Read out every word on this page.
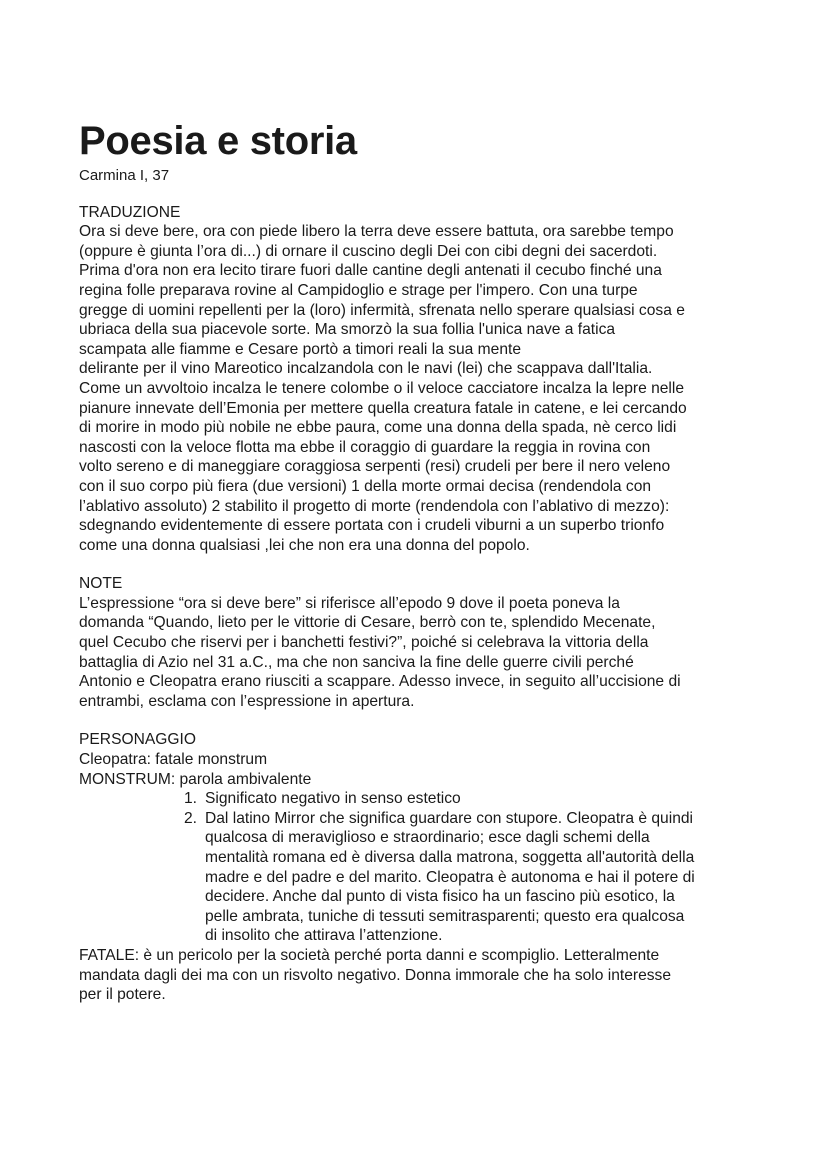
Poesia e storia
Carmina I, 37
TRADUZIONE
Ora si deve bere, ora con piede libero la terra deve essere battuta, ora sarebbe tempo
(oppure è giunta l’ora di...) di ornare il cuscino degli Dei con cibi degni dei sacerdoti.
Prima d'ora non era lecito tirare fuori dalle cantine degli antenati il cecubo finché una
regina folle preparava rovine al Campidoglio e strage per l'impero. Con una turpe
gregge di uomini repellenti per la (loro) infermità, sfrenata nello sperare qualsiasi cosa e
ubriaca della sua piacevole sorte. Ma smorzò la sua follia l'unica nave a fatica
scampata alle fiamme e Cesare portò a timori reali la sua mente
delirante per il vino Mareotico incalzandola con le navi (lei) che scappava dall'Italia.
Come un avvoltoio incalza le tenere colombe o il veloce cacciatore incalza la lepre nelle
pianure innevate dell’Emonia per mettere quella creatura fatale in catene, e lei cercando
di morire in modo più nobile ne ebbe paura, come una donna della spada, nè cerco lidi
nascosti con la veloce flotta ma ebbe il coraggio di guardare la reggia in rovina con
volto sereno e di maneggiare coraggiosa serpenti (resi) crudeli per bere il nero veleno
con il suo corpo più fiera (due versioni) 1 della morte ormai decisa (rendendola con
l’ablativo assoluto) 2 stabilito il progetto di morte (rendendola con l’ablativo di mezzo):
sdegnando evidentemente di essere portata con i crudeli viburni a un superbo trionfo
come una donna qualsiasi ,lei che non era una donna del popolo.
NOTE
L’espressione “ora si deve bere” si riferisce all’epodo 9 dove il poeta poneva la
domanda “Quando, lieto per le vittorie di Cesare, berrò con te, splendido Mecenate,
quel Cecubo che riservi per i banchetti festivi?”, poiché si celebrava la vittoria della
battaglia di Azio nel 31 a.C., ma che non sanciva la fine delle guerre civili perché
Antonio e Cleopatra erano riusciti a scappare. Adesso invece, in seguito all’uccisione di
entrambi, esclama con l’espressione in apertura.
PERSONAGGIO
Cleopatra: fatale monstrum
MONSTRUM: parola ambivalente
1. Significato negativo in senso estetico
2. Dal latino Mirror che significa guardare con stupore. Cleopatra è quindi
qualcosa di meraviglioso e straordinario; esce dagli schemi della
mentalità romana ed è diversa dalla matrona, soggetta all'autorità della
madre e del padre e del marito. Cleopatra è autonoma e hai il potere di
decidere. Anche dal punto di vista fisico ha un fascino più esotico, la
pelle ambrata, tuniche di tessuti semitrasparenti; questo era qualcosa
di insolito che attirava l’attenzione.
FATALE: è un pericolo per la società perché porta danni e scompiglio. Letteralmente
mandata dagli dei ma con un risvolto negativo. Donna immorale che ha solo interesse
per il potere.
